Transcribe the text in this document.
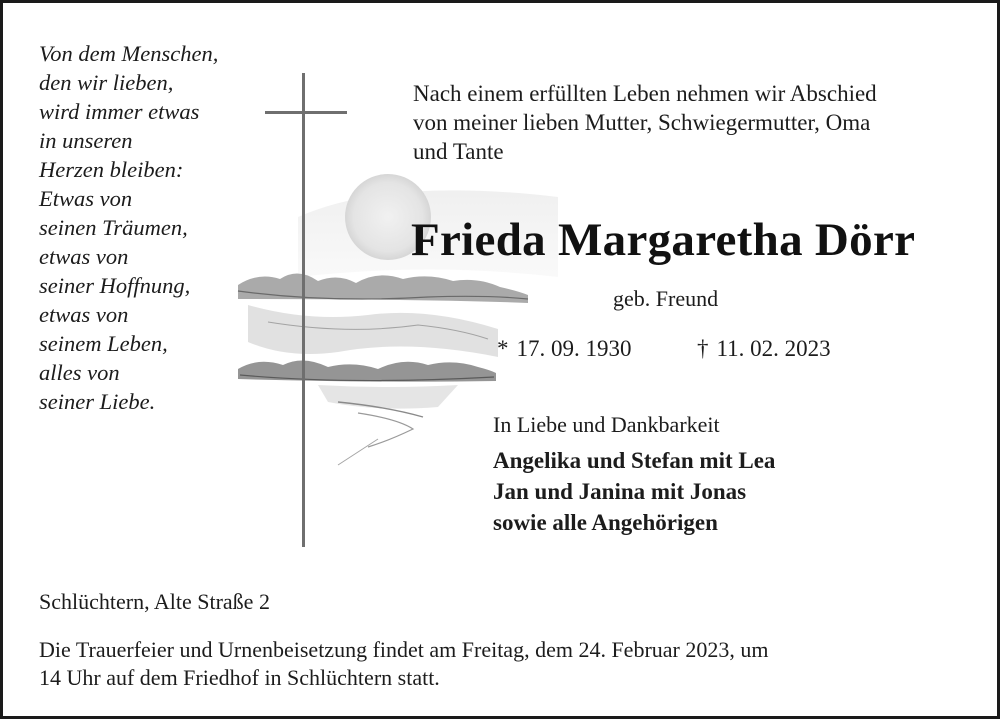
Von dem Menschen,
den wir lieben,
wird immer etwas
in unseren
Herzen bleiben:
Etwas von
seinen Träumen,
etwas von
seiner Hoffnung,
etwas von
seinem Leben,
alles von
seiner Liebe.
Nach einem erfüllten Leben nehmen wir Abschied
von meiner lieben Mutter, Schwiegermutter, Oma
und Tante
Frieda Margaretha Dörr
geb. Freund
* 17. 09. 1930	† 11. 02. 2023
In Liebe und Dankbarkeit
Angelika und Stefan mit Lea
Jan und Janina mit Jonas
sowie alle Angehörigen
Schlüchtern, Alte Straße 2
Die Trauerfeier und Urnenbeisetzung findet am Freitag, dem 24. Februar 2023, um
14 Uhr auf dem Friedhof in Schlüchtern statt.
